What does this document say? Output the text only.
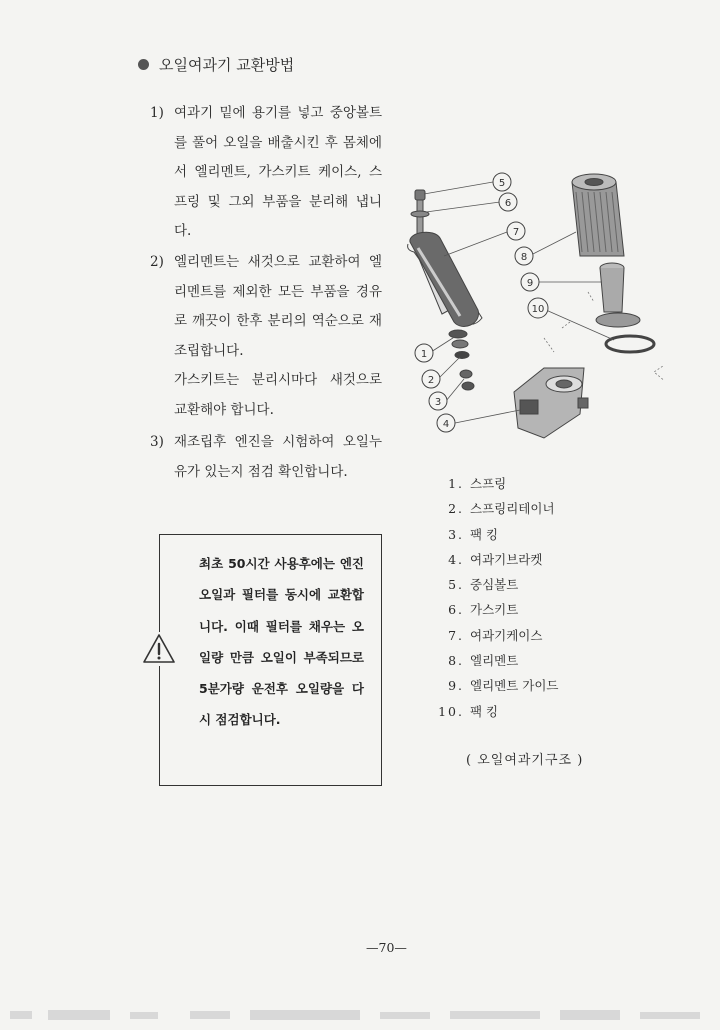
오일여과기 교환방법
1) 여과기 밑에 용기를 넣고 중앙볼트를 풀어 오일을 배출시킨 후 몸체에서 엘리멘트, 가스키트 케이스, 스프링 및 그외 부품을 분리해 냅니다.
2) 엘리멘트는 새것으로 교환하여 엘리멘트를 제외한 모든 부품을 경유로 깨끗이 한후 분리의 역순으로 재조립합니다.
가스키트는 분리시마다 새것으로 교환해야 합니다.
3) 재조립후 엔진을 시험하여 오일누유가 있는지 점검 확인합니다.
최초 50시간 사용후에는 엔진오일과 필터를 동시에 교환합니다. 이때 필터를 채우는 오일량 만큼 오일이 부족되므로 5분가량 운전후 오일량을 다시 점검합니다.
5
6
7
8
9
10
1
2
3
4
1. 스프링
2. 스프링리테이너
3. 팩 킹
4. 여과기브라켓
5. 중심볼트
6. 가스키트
7. 여과기케이스
8. 엘리멘트
9. 엘리멘트 가이드
10. 팩 킹
( 오일여과기구조 )
—70—
